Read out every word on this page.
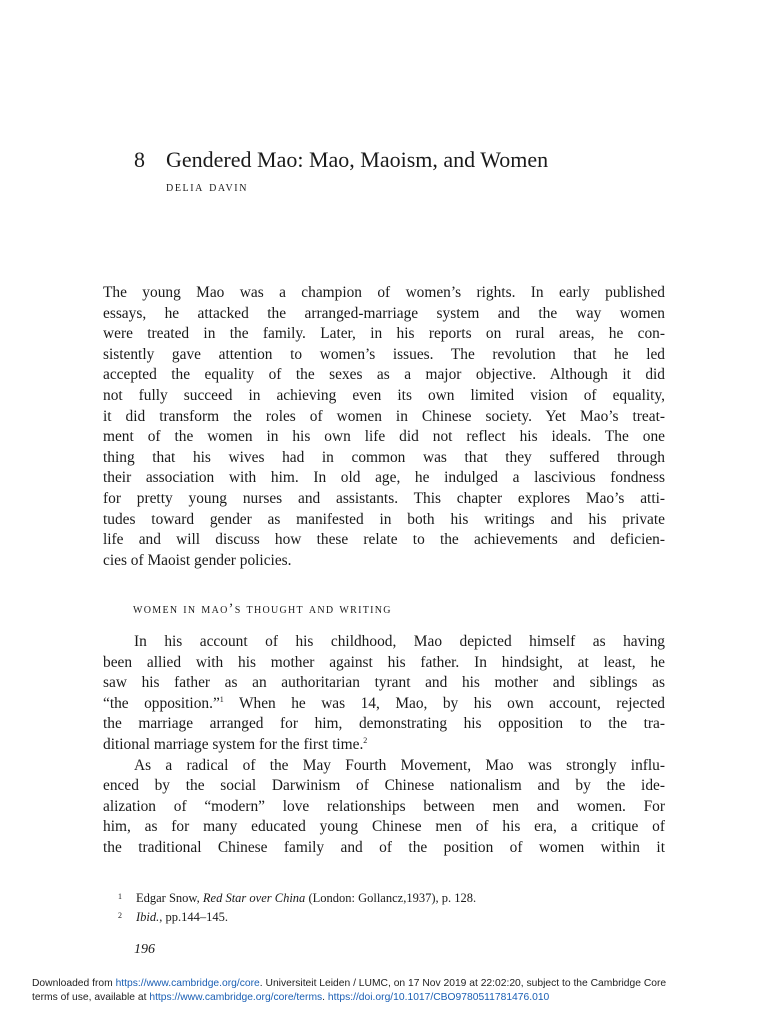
8 Gendered Mao: Mao, Maoism, and Women
delia davin
The young Mao was a champion of women’s rights. In early published
essays, he attacked the arranged-marriage system and the way women
were treated in the family. Later, in his reports on rural areas, he con-
sistently gave attention to women’s issues. The revolution that he led
accepted the equality of the sexes as a major objective. Although it did
not fully succeed in achieving even its own limited vision of equality,
it did transform the roles of women in Chinese society. Yet Mao’s treat-
ment of the women in his own life did not reflect his ideals. The one
thing that his wives had in common was that they suffered through
their association with him. In old age, he indulged a lascivious fondness
for pretty young nurses and assistants. This chapter explores Mao’s atti-
tudes toward gender as manifested in both his writings and his private
life and will discuss how these relate to the achievements and deficien-
cies of Maoist gender policies.
women in mao’s thought and writing
In his account of his childhood, Mao depicted himself as having
been allied with his mother against his father. In hindsight, at least, he
saw his father as an authoritarian tyrant and his mother and siblings as
“the opposition.”$^1$ When he was 14, Mao, by his own account, rejected
the marriage arranged for him, demonstrating his opposition to the tra-
ditional marriage system for the first time.$^2$
As a radical of the May Fourth Movement, Mao was strongly influ-
enced by the social Darwinism of Chinese nationalism and by the ide-
alization of “modern” love relationships between men and women. For
him, as for many educated young Chinese men of his era, a critique of
the traditional Chinese family and of the position of women within it
1 Edgar Snow, Red Star over China (London: Gollancz,1937), p. 128.
2 Ibid., pp.144–145.
196
Downloaded from https://www.cambridge.org/core. Universiteit Leiden / LUMC, on 17 Nov 2019 at 22:02:20, subject to the Cambridge Core
terms of use, available at https://www.cambridge.org/core/terms. https://doi.org/10.1017/CBO9780511781476.010
